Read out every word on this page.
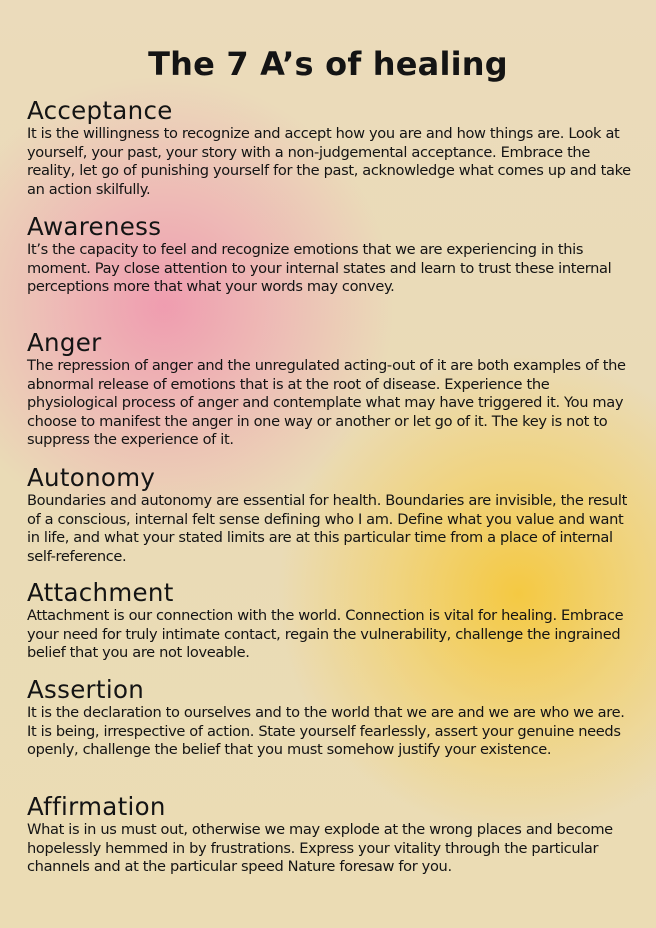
The 7 A’s of healing
Acceptance

It is the willingness to recognize and accept how you are and how things are. Look at yourself, your past, your story with a non-judgemental acceptance. Embrace the reality, let go of punishing yourself for the past, acknowledge what comes up and take an action skilfully.

Awareness

It’s the capacity to feel and recognize emotions that we are experiencing in this moment. Pay close attention to your internal states and learn to trust these internal perceptions more that what your words may convey.

Anger

The repression of anger and the unregulated acting-out of it are both examples of the abnormal release of emotions that is at the root of disease. Experience the physiological process of anger and contemplate what may have triggered it. You may choose to manifest the anger in one way or another or let go of it. The key is not to suppress the experience of it.

Autonomy

Boundaries and autonomy are essential for health. Boundaries are invisible, the result of a conscious, internal felt sense defining who I am. Define what you value and want in life, and what your stated limits are at this particular time from a place of internal self-reference.

Attachment

Attachment is our connection with the world. Connection is vital for healing. Embrace your need for truly intimate contact, regain the vulnerability, challenge the ingrained belief that you are not loveable.

Assertion

It is the declaration to ourselves and to the world that we are and we are who we are. It is being, irrespective of action. State yourself fearlessly, assert your genuine needs openly, challenge the belief that you must somehow justify your existence.

Affirmation

What is in us must out, otherwise we may explode at the wrong places and become hopelessly hemmed in by frustrations. Express your vitality through the particular channels and at the particular speed Nature foresaw for you.
